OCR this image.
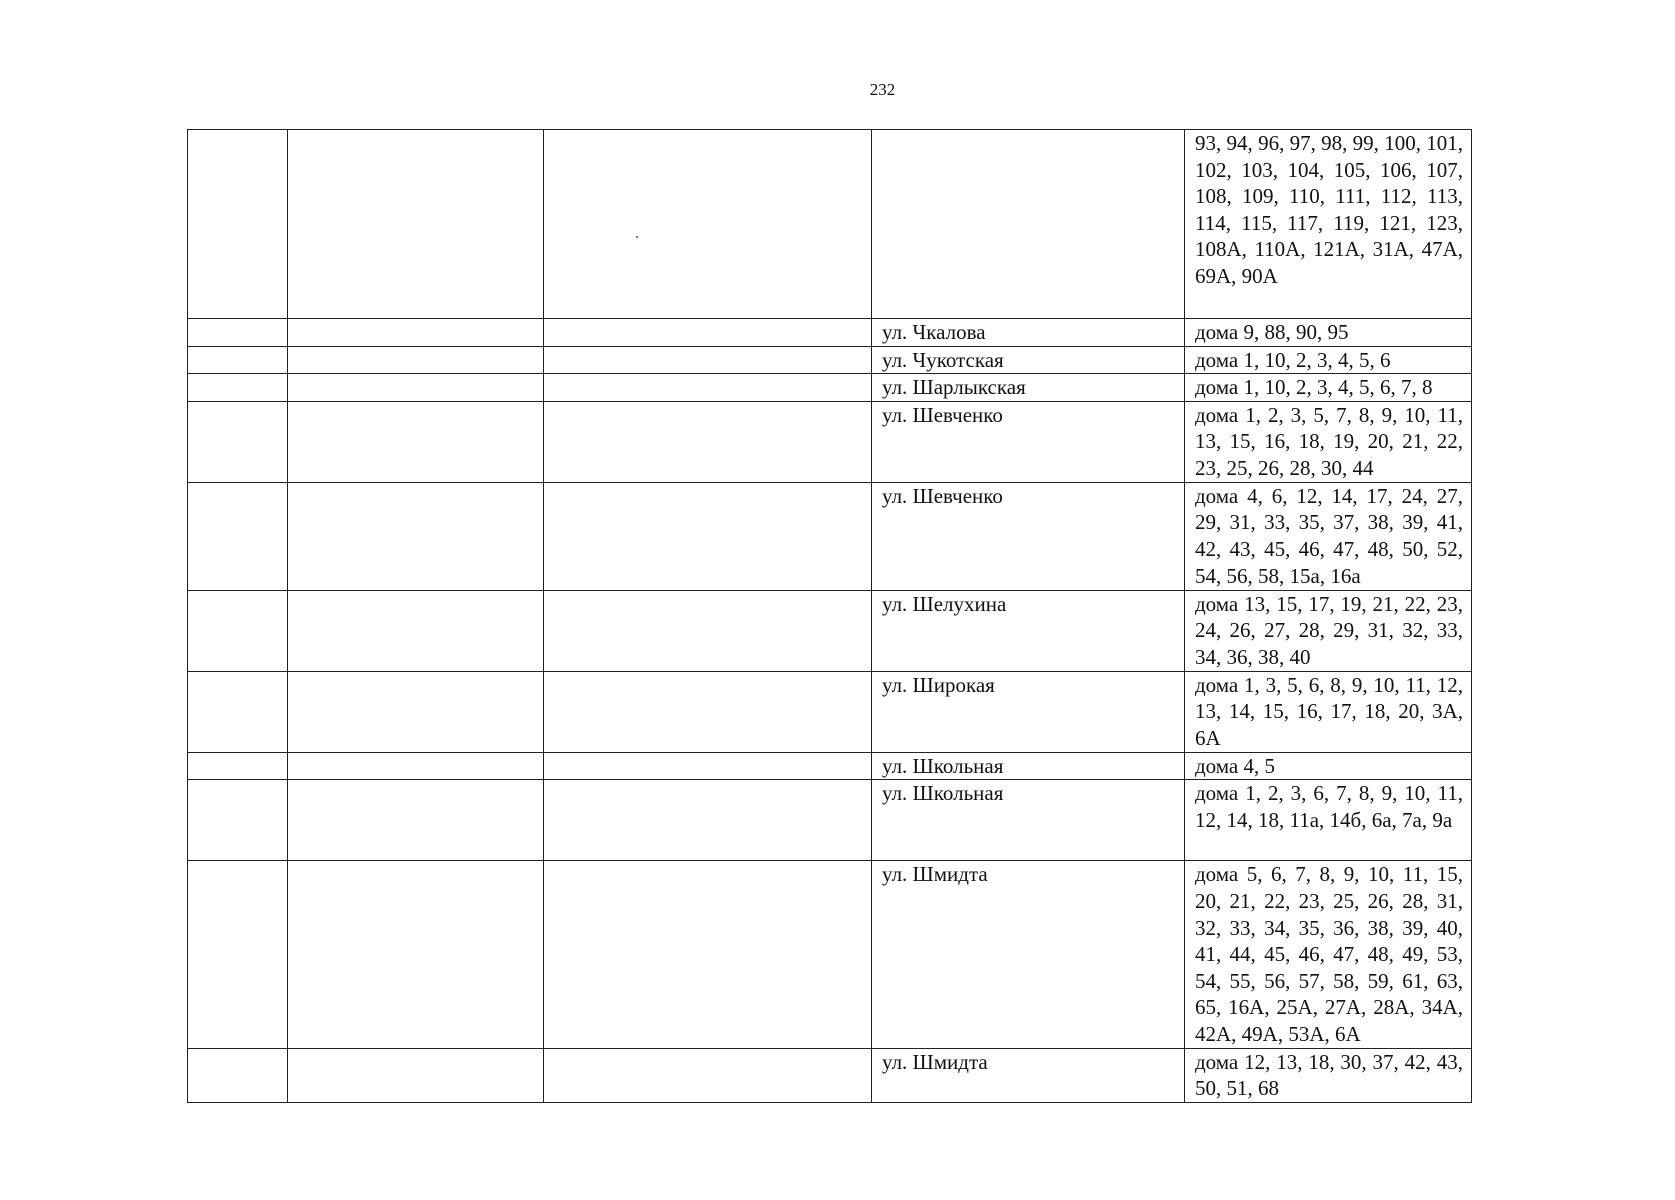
232
				93, 94, 96, 97, 98, 99, 100, 101, 102, 103, 104, 105, 106, 107, 108, 109, 110, 111, 112, 113, 114, 115, 117, 119, 121, 123, 108А, 110А, 121А, 31А, 47А, 69А, 90А
			ул. Чкалова	дома 9, 88, 90, 95
			ул. Чукотская	дома 1, 10, 2, 3, 4, 5, 6
			ул. Шарлыкская	дома 1, 10, 2, 3, 4, 5, 6, 7, 8
			ул. Шевченко	дома 1, 2, 3, 5, 7, 8, 9, 10, 11, 13, 15, 16, 18, 19, 20, 21, 22, 23, 25, 26, 28, 30, 44
			ул. Шевченко	дома 4, 6, 12, 14, 17, 24, 27, 29, 31, 33, 35, 37, 38, 39, 41, 42, 43, 45, 46, 47, 48, 50, 52, 54, 56, 58, 15а, 16а
			ул. Шелухина	дома 13, 15, 17, 19, 21, 22, 23, 24, 26, 27, 28, 29, 31, 32, 33, 34, 36, 38, 40
			ул. Широкая	дома 1, 3, 5, 6, 8, 9, 10, 11, 12, 13, 14, 15, 16, 17, 18, 20, 3А, 6А
			ул. Школьная	дома 4, 5
			ул. Школьная	дома 1, 2, 3, 6, 7, 8, 9, 10, 11, 12, 14, 18, 11а, 14б, 6а, 7а, 9а
			ул. Шмидта	дома 5, 6, 7, 8, 9, 10, 11, 15, 20, 21, 22, 23, 25, 26, 28, 31, 32, 33, 34, 35, 36, 38, 39, 40, 41, 44, 45, 46, 47, 48, 49, 53, 54, 55, 56, 57, 58, 59, 61, 63, 65, 16А, 25А, 27А, 28А, 34А, 42А, 49А, 53А, 6А
			ул. Шмидта	дома 12, 13, 18, 30, 37, 42, 43, 50, 51, 68
